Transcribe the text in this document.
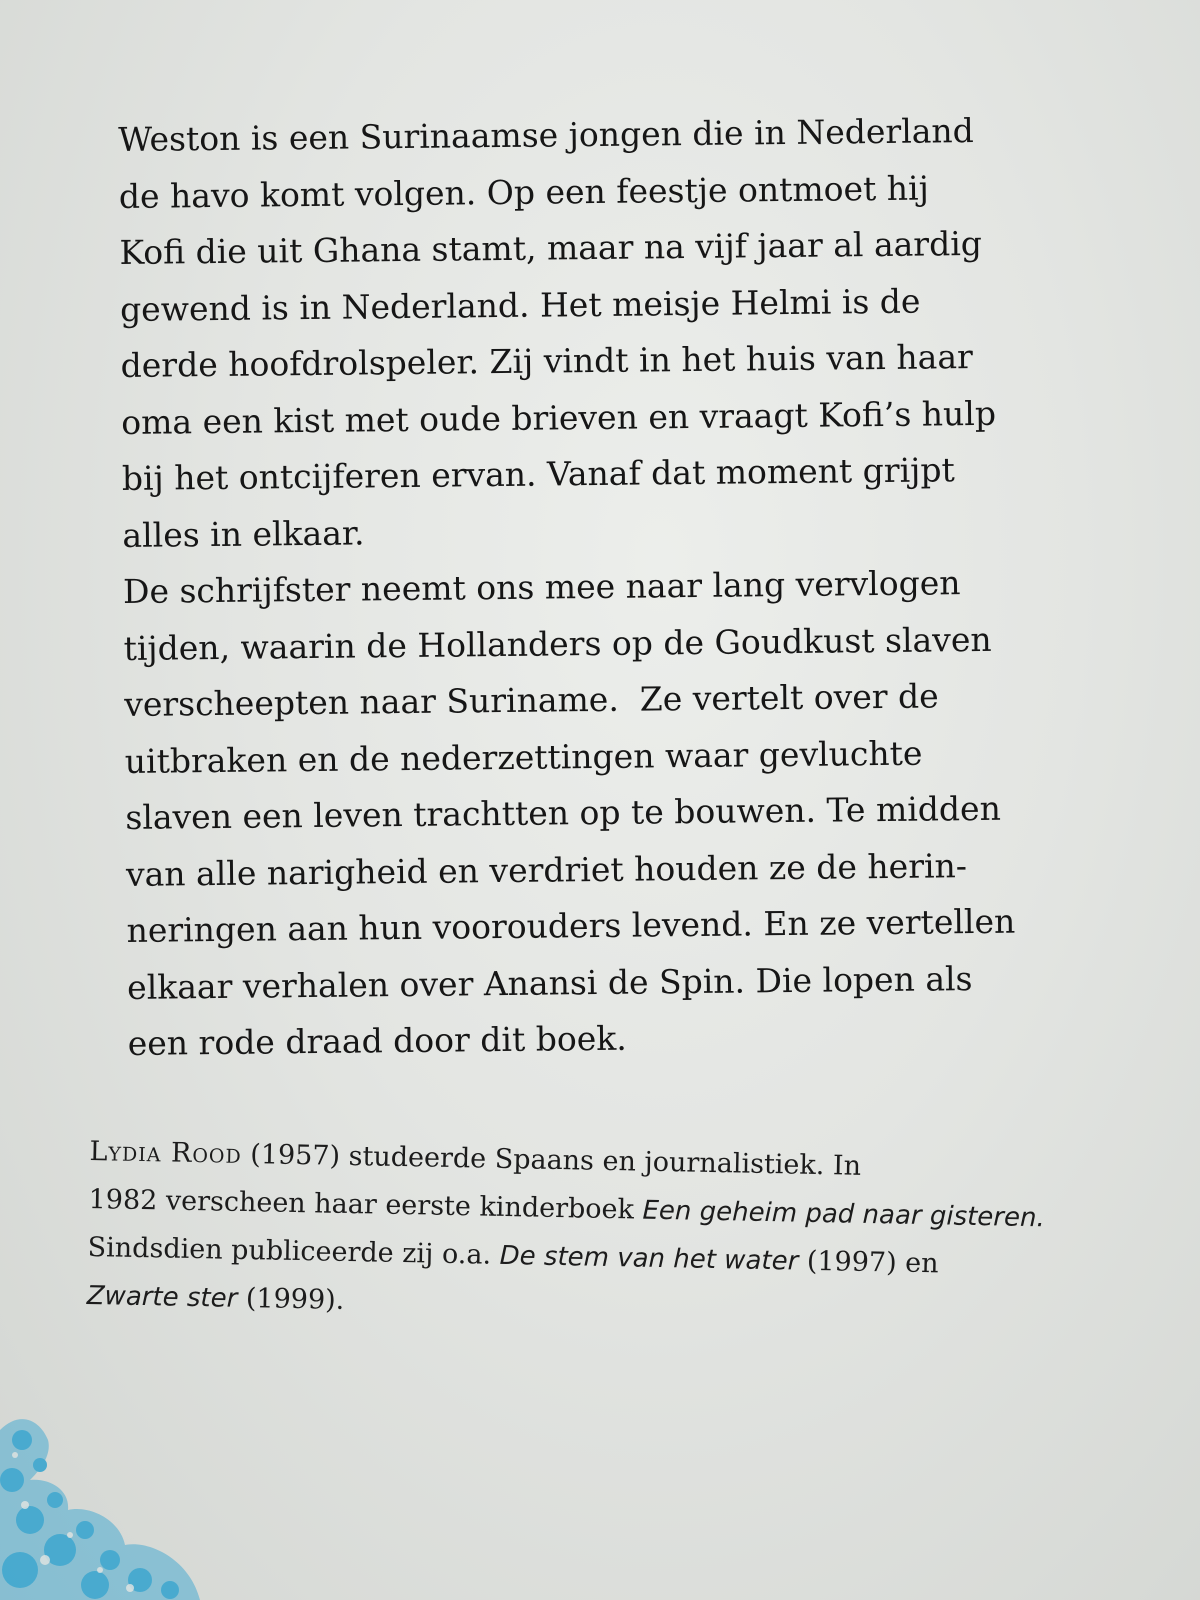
Weston is een Surinaamse jongen die in Nederland
de havo komt volgen. Op een feestje ontmoet hij
Kofi die uit Ghana stamt, maar na vijf jaar al aardig
gewend is in Nederland. Het meisje Helmi is de
derde hoofdrolspeler. Zij vindt in het huis van haar
oma een kist met oude brieven en vraagt Kofi’s hulp
bij het ontcijferen ervan. Vanaf dat moment grijpt
alles in elkaar.
De schrijfster neemt ons mee naar lang vervlogen
tijden, waarin de Hollanders op de Goudkust slaven
verscheepten naar Suriname.  Ze vertelt over de
uitbraken en de nederzettingen waar gevluchte
slaven een leven trachtten op te bouwen. Te midden
van alle narigheid en verdriet houden ze de herin-
neringen aan hun voorouders levend. En ze vertellen
elkaar verhalen over Anansi de Spin. Die lopen als
een rode draad door dit boek.
Lydia Rood (1957) studeerde Spaans en journalistiek. In
1982 verscheen haar eerste kinderboek Een geheim pad naar gisteren.
Sindsdien publiceerde zij o.a. De stem van het water (1997) en
Zwarte ster (1999).
